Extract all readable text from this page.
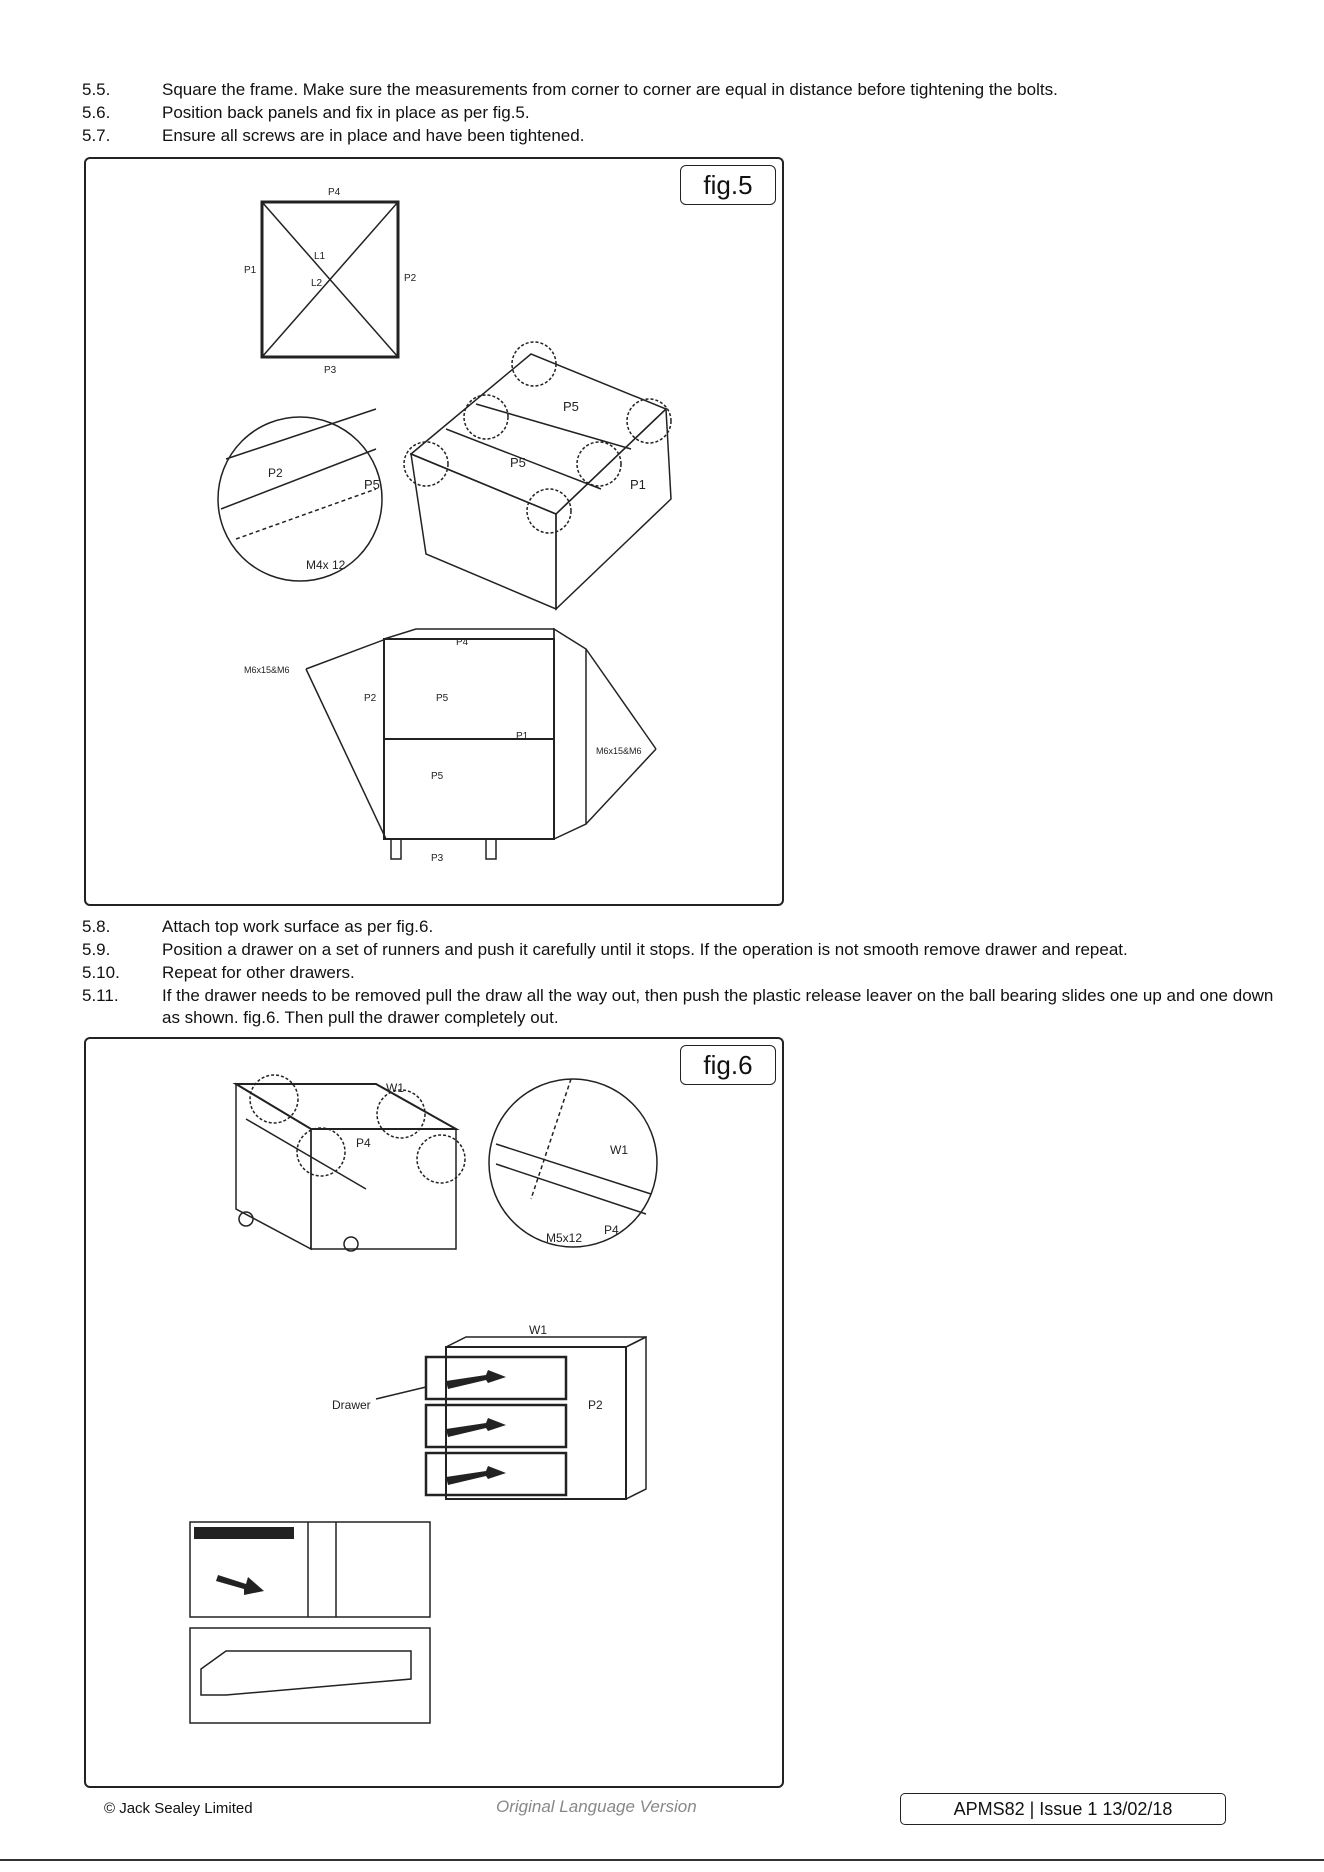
5.5.	Square the frame. Make sure the measurements from corner to corner are equal in distance before tightening the bolts.
5.6.	Position back panels and fix in place as per fig.5.
5.7.	Ensure all screws are in place and have been tightened.
fig.5
P4
P1
P2
P3
L1
L2
P2
P5
M4x 12
P5
P5
P1
P4
P2	P5
P1
P5
P3
M6x15&M6
M6x15&M6
5.8.	Attach top work surface as per fig.6.
5.9.	Position a drawer on a set of runners and push it carefully until it stops. If the operation is not smooth remove drawer and repeat.
5.10.	Repeat for other drawers.
5.11.	If the drawer needs to be removed pull the draw all the way out, then push the plastic release leaver on the ball bearing slides one up and one down as shown. fig.6. Then pull the drawer completely out.
fig.6
W1
P4	W1
P4
M5x12
W1
Drawer	P2
© Jack Sealey Limited	Original Language Version	APMS82 | Issue 1 13/02/18
